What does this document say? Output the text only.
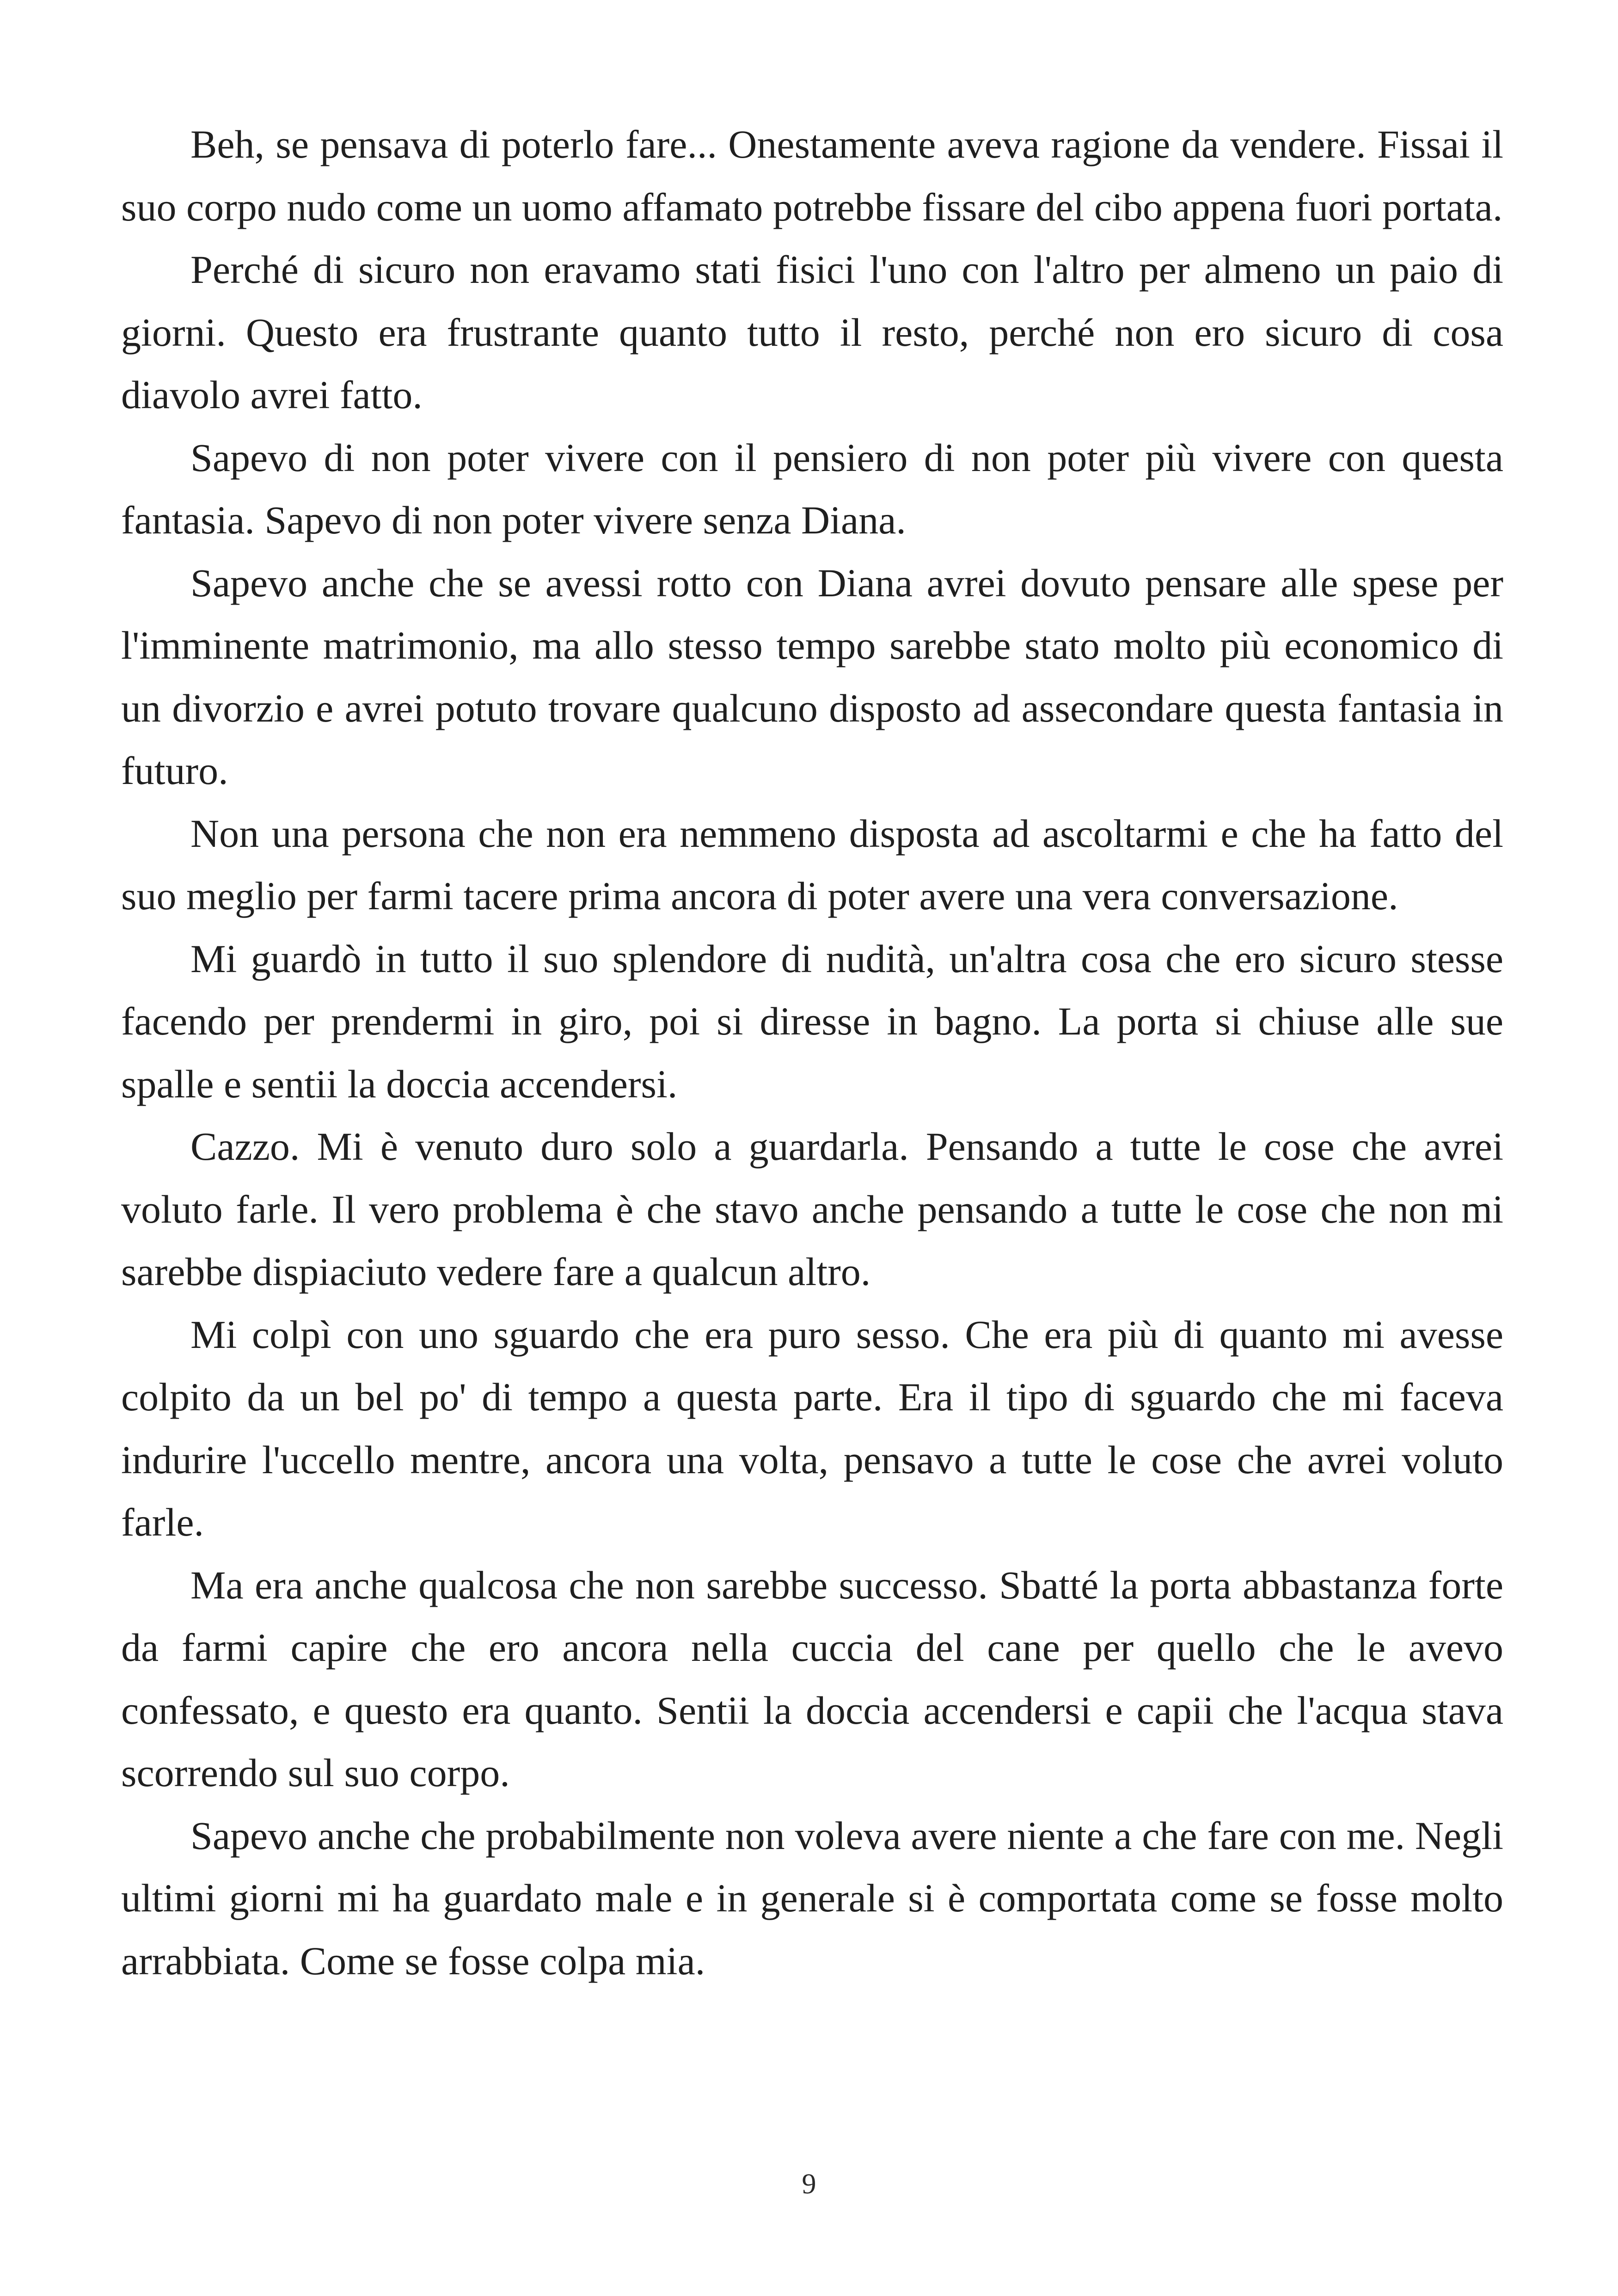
Beh, se pensava di poterlo fare... Onestamente aveva ragione da vendere. Fissai il suo corpo nudo come un uomo affamato potrebbe fissare del cibo appena fuori portata.

Perché di sicuro non eravamo stati fisici l'uno con l'altro per almeno un paio di giorni. Questo era frustrante quanto tutto il resto, perché non ero sicuro di cosa diavolo avrei fatto.

Sapevo di non poter vivere con il pensiero di non poter più vivere con questa fantasia. Sapevo di non poter vivere senza Diana.

Sapevo anche che se avessi rotto con Diana avrei dovuto pensare alle spese per l'imminente matrimonio, ma allo stesso tempo sarebbe stato molto più economico di un divorzio e avrei potuto trovare qualcuno disposto ad assecondare questa fantasia in futuro.

Non una persona che non era nemmeno disposta ad ascoltarmi e che ha fatto del suo meglio per farmi tacere prima ancora di poter avere una vera conversazione.

Mi guardò in tutto il suo splendore di nudità, un'altra cosa che ero sicuro stesse facendo per prendermi in giro, poi si diresse in bagno. La porta si chiuse alle sue spalle e sentii la doccia accendersi.

Cazzo. Mi è venuto duro solo a guardarla. Pensando a tutte le cose che avrei voluto farle. Il vero problema è che stavo anche pensando a tutte le cose che non mi sarebbe dispiaciuto vedere fare a qualcun altro.

Mi colpì con uno sguardo che era puro sesso. Che era più di quanto mi avesse colpito da un bel po' di tempo a questa parte. Era il tipo di sguardo che mi faceva indurire l'uccello mentre, ancora una volta, pensavo a tutte le cose che avrei voluto farle.

Ma era anche qualcosa che non sarebbe successo. Sbatté la porta abbastanza forte da farmi capire che ero ancora nella cuccia del cane per quello che le avevo confessato, e questo era quanto. Sentii la doccia accendersi e capii che l'acqua stava scorrendo sul suo corpo.

Sapevo anche che probabilmente non voleva avere niente a che fare con me. Negli ultimi giorni mi ha guardato male e in generale si è comportata come se fosse molto arrabbiata. Come se fosse colpa mia.

9
